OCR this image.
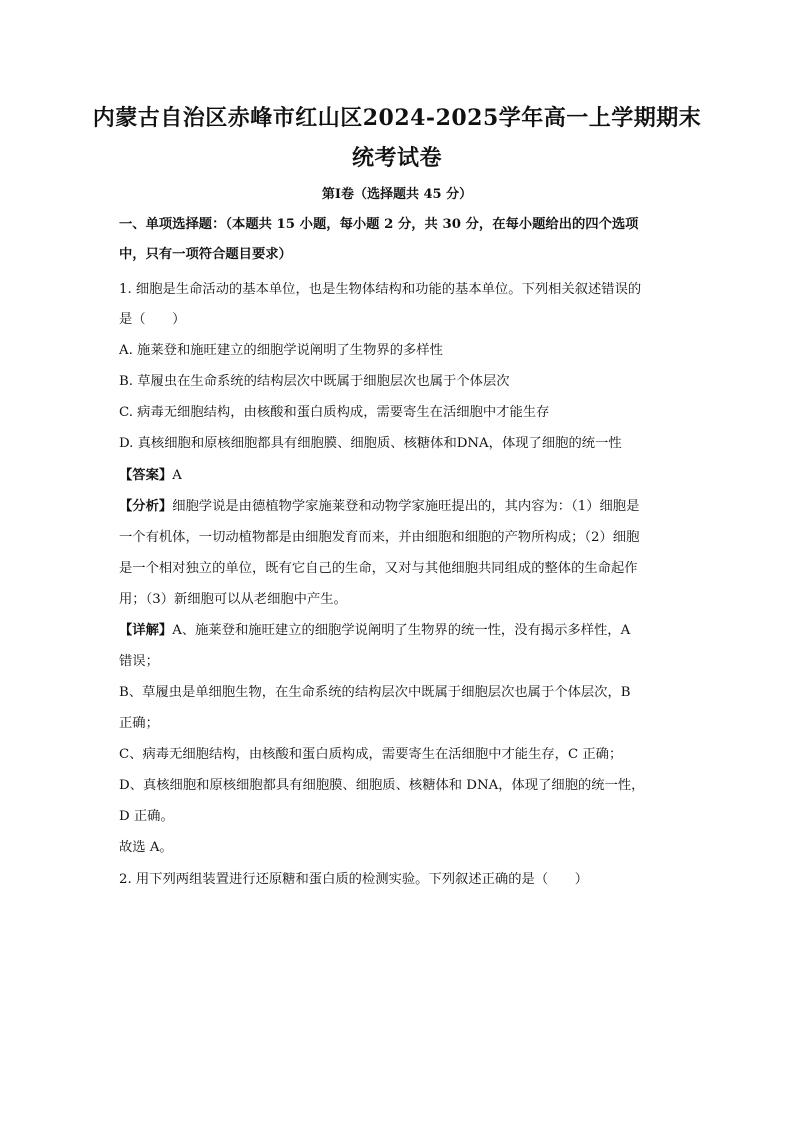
内蒙古自治区赤峰市红山区2024-2025学年高一上学期期末
统考试卷
第Ⅰ卷（选择题共 45 分）
一、单项选择题：（本题共 15 小题，每小题 2 分，共 30 分，在每小题给出的四个选项
中，只有一项符合题目要求）
1. 细胞是生命活动的基本单位，也是生物体结构和功能的基本单位。下列相关叙述错误的
是（　　）
A. 施莱登和施旺建立的细胞学说阐明了生物界的多样性
B. 草履虫在生命系统的结构层次中既属于细胞层次也属于个体层次
C. 病毒无细胞结构，由核酸和蛋白质构成，需要寄生在活细胞中才能生存
D. 真核细胞和原核细胞都具有细胞膜、细胞质、核糖体和DNA，体现了细胞的统一性
【答案】A
【分析】细胞学说是由德植物学家施莱登和动物学家施旺提出的，其内容为：（1）细胞是
一个有机体，一切动植物都是由细胞发育而来，并由细胞和细胞的产物所构成；（2）细胞
是一个相对独立的单位，既有它自己的生命，又对与其他细胞共同组成的整体的生命起作
用；（3）新细胞可以从老细胞中产生。
【详解】A、施莱登和施旺建立的细胞学说阐明了生物界的统一性，没有揭示多样性，A
错误；
B、草履虫是单细胞生物，在生命系统的结构层次中既属于细胞层次也属于个体层次，B
正确；
C、病毒无细胞结构，由核酸和蛋白质构成，需要寄生在活细胞中才能生存，C 正确；
D、真核细胞和原核细胞都具有细胞膜、细胞质、核糖体和 DNA，体现了细胞的统一性，
D 正确。
故选 A。
2. 用下列两组装置进行还原糖和蛋白质的检测实验。下列叙述正确的是（　　）
